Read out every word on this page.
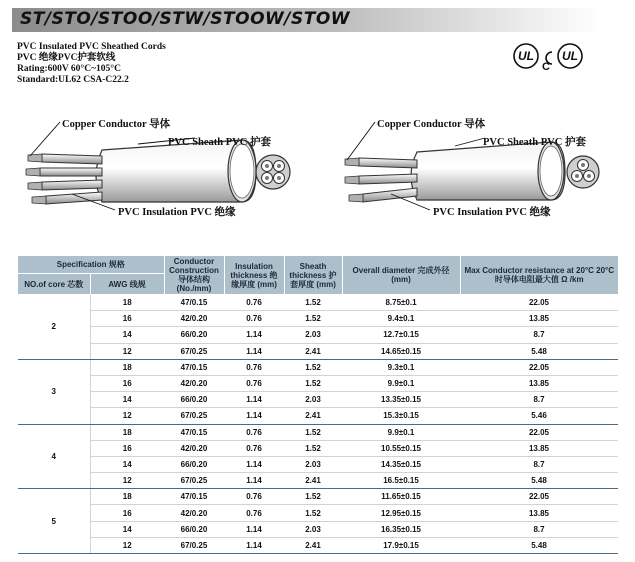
ST/STO/STOO/STW/STOOW/STOW
PVC Insulated PVC Sheathed Cords
PVC 绝缘PVC护套软线
Rating:600V 60°C~105°C
Standard:UL62 CSA-C22.2
UL
C
UL
Copper Conductor 导体
PVC Sheath PVC 护套
PVC Insulation PVC 绝缘
Copper Conductor 导体
PVC Sheath PVC 护套
PVC Insulation PVC 绝缘
Specification 规格		Conductor Construction 导体结构 (No./mm)	Insulation thickness 绝缘厚度 (mm)	Sheath thickness 护套厚度 (mm)	Overall diameter 完成外径 (mm)	Max Conductor resistance at 20°C 20°C时导体电阻最大值 Ω /km
NO.of core 芯数	AWG 线规					
2	18	47/0.15	0.76	1.52	8.75±0.1	22.05
	16	42/0.20	0.76	1.52	9.4±0.1	13.85
	14	66/0.20	1.14	2.03	12.7±0.15	8.7
	12	67/0.25	1.14	2.41	14.65±0.15	5.48
3	18	47/0.15	0.76	1.52	9.3±0.1	22.05
	16	42/0.20	0.76	1.52	9.9±0.1	13.85
	14	66/0.20	1.14	2.03	13.35±0.15	8.7
	12	67/0.25	1.14	2.41	15.3±0.15	5.46
4	18	47/0.15	0.76	1.52	9.9±0.1	22.05
	16	42/0.20	0.76	1.52	10.55±0.15	13.85
	14	66/0.20	1.14	2.03	14.35±0.15	8.7
	12	67/0.25	1.14	2.41	16.5±0.15	5.48
5	18	47/0.15	0.76	1.52	11.65±0.15	22.05
	16	42/0.20	0.76	1.52	12.95±0.15	13.85
	14	66/0.20	1.14	2.03	16.35±0.15	8.7
	12	67/0.25	1.14	2.41	17.9±0.15	5.48
